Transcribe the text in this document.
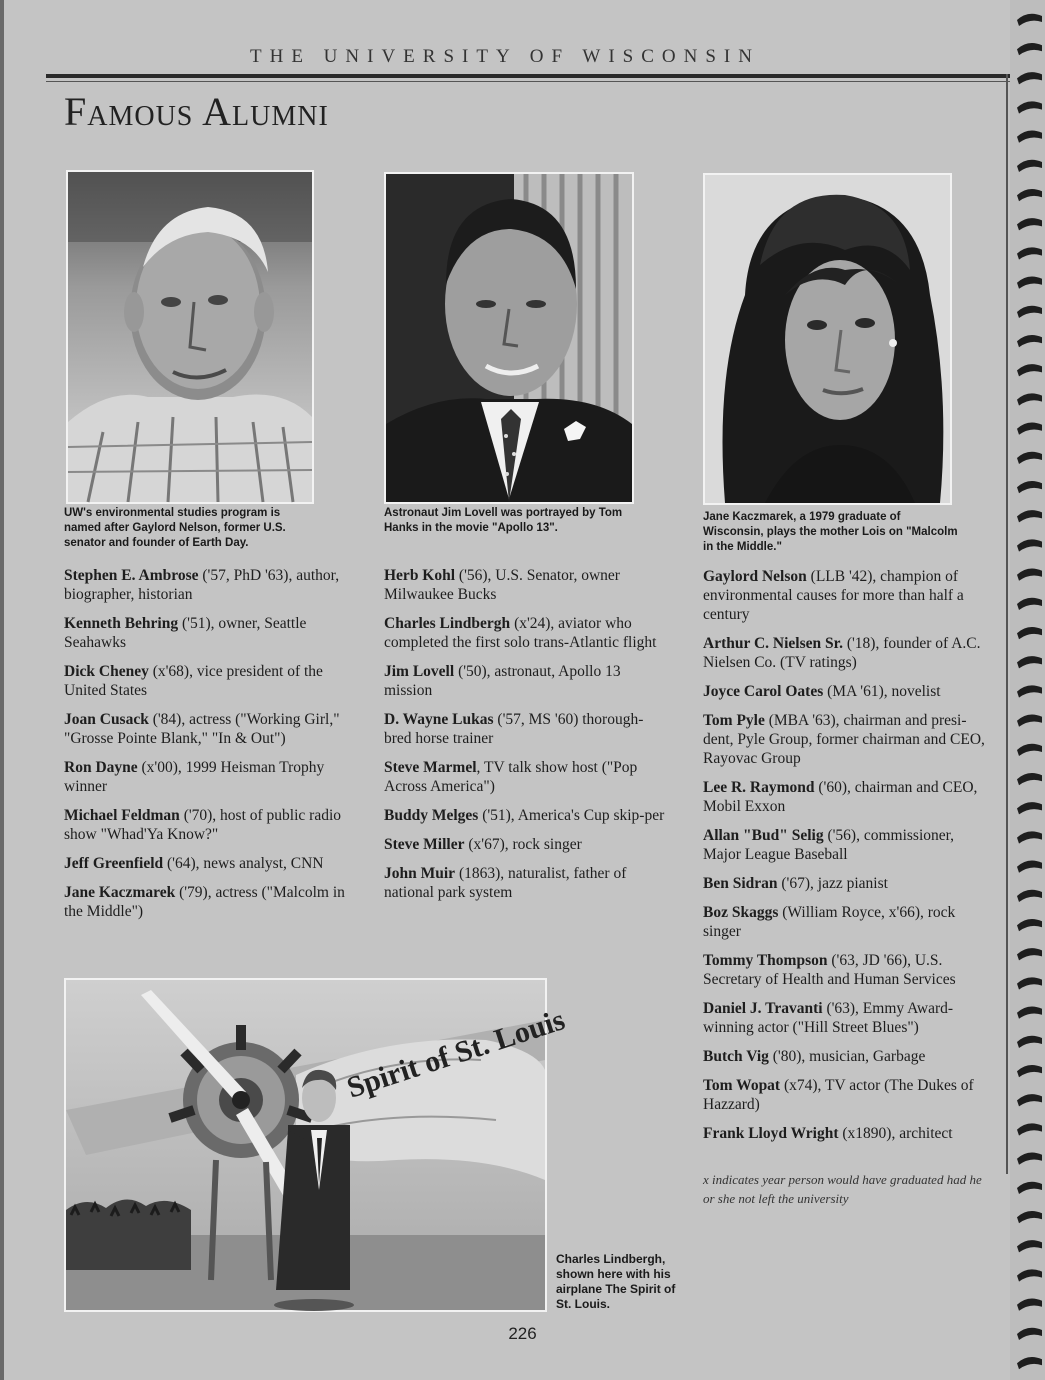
THE UNIVERSITY OF WISCONSIN
Famous Alumni

UW's environmental studies program is named after Gaylord Nelson, former U.S. senator and founder of Earth Day.

Astronaut Jim Lovell was portrayed by Tom Hanks in the movie "Apollo 13".

Jane Kaczmarek, a 1979 graduate of Wisconsin, plays the mother Lois on "Malcolm in the Middle."

Stephen E. Ambrose ('57, PhD '63), author, biographer, historian

Kenneth Behring ('51), owner, Seattle Seahawks

Dick Cheney (x'68), vice president of the United States

Joan Cusack ('84), actress ("Working Girl," "Grosse Pointe Blank," "In & Out")

Ron Dayne (x'00), 1999 Heisman Trophy winner

Michael Feldman ('70), host of public radio show "Whad'Ya Know?"

Jeff Greenfield ('64), news analyst, CNN

Jane Kaczmarek ('79), actress ("Malcolm in the Middle")

Herb Kohl ('56), U.S. Senator, owner Milwaukee Bucks

Charles Lindbergh (x'24), aviator who completed the first solo trans-Atlantic flight

Jim Lovell ('50), astronaut, Apollo 13 mission

D. Wayne Lukas ('57, MS '60) thorough-bred horse trainer

Steve Marmel, TV talk show host ("Pop Across America")

Buddy Melges ('51), America's Cup skip-per

Steve Miller (x'67), rock singer

John Muir (1863), naturalist, father of national park system

Gaylord Nelson (LLB '42), champion of environmental causes for more than half a century

Arthur C. Nielsen Sr. ('18), founder of A.C. Nielsen Co. (TV ratings)

Joyce Carol Oates (MA '61), novelist

Tom Pyle (MBA '63), chairman and presi-dent, Pyle Group, former chairman and CEO, Rayovac Group

Lee R. Raymond ('60), chairman and CEO, Mobil Exxon

Allan "Bud" Selig ('56), commissioner, Major League Baseball

Ben Sidran ('67), jazz pianist

Boz Skaggs (William Royce, x'66), rock singer

Tommy Thompson ('63, JD '66), U.S. Secretary of Health and Human Services

Daniel J. Travanti ('63), Emmy Award-winning actor ("Hill Street Blues")

Butch Vig ('80), musician, Garbage

Tom Wopat (x74), TV actor (The Dukes of Hazzard)

Frank Lloyd Wright (x1890), architect

x indicates year person would have graduated had he or she not left the university

Spirit of St. Louis

Charles Lindbergh, shown here with his airplane The Spirit of St. Louis.

226
